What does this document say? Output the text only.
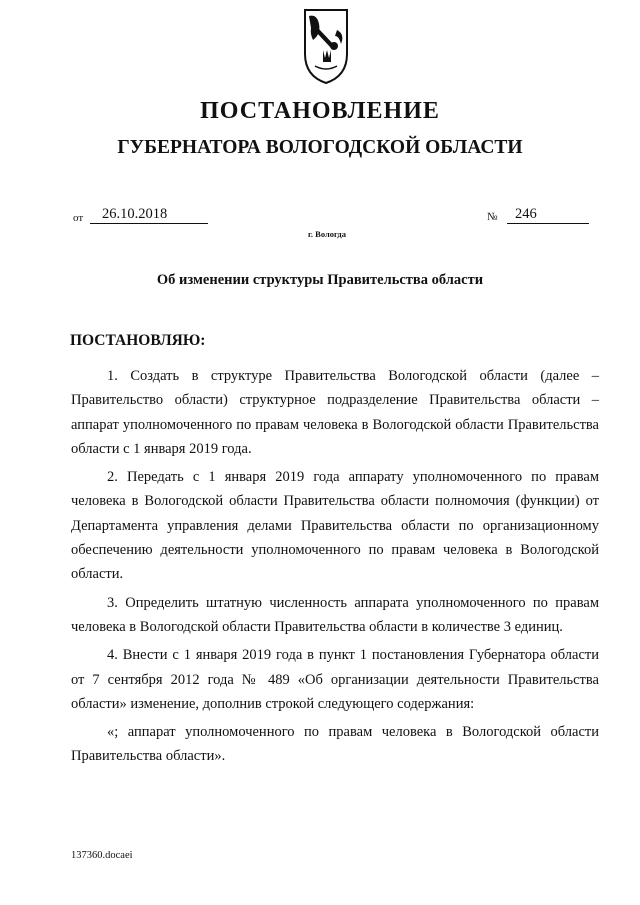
ПОСТАНОВЛЕНИЕ
ГУБЕРНАТОРА ВОЛОГОДСКОЙ ОБЛАСТИ
от	26.10.2018	№	246
г. Вологда
Об изменении структуры Правительства области
ПОСТАНОВЛЯЮ:

1. Создать в структуре Правительства Вологодской области (далее – Правительство области) структурное подразделение Правительства области – аппарат уполномоченного по правам человека в Вологодской области Правительства области с 1 января 2019 года.

2. Передать с 1 января 2019 года аппарату уполномоченного по правам человека в Вологодской области Правительства области полномочия (функции) от Департамента управления делами Правительства области по организационному обеспечению деятельности уполномоченного по правам человека в Вологодской области.

3. Определить штатную численность аппарата уполномоченного по правам человека в Вологодской области Правительства области в количестве 3 единиц.

4. Внести с 1 января 2019 года в пункт 1 постановления Губернатора области от 7 сентября 2012 года № 489 «Об организации деятельности Правительства области» изменение, дополнив строкой следующего содержания:

«; аппарат уполномоченного по правам человека в Вологодской области Правительства области».

137360.docaei
